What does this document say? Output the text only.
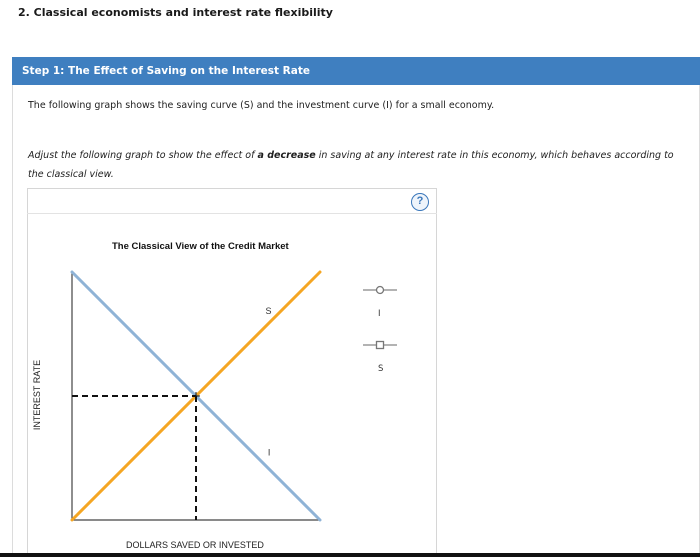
2. Classical economists and interest rate flexibility
Step 1: The Effect of Saving on the Interest Rate
The following graph shows the saving curve (S) and the investment curve (I) for a small economy.
Adjust the following graph to show the effect of a decrease in saving at any interest rate in this economy, which behaves according to the classical view.
?
The Classical View of the Credit Market
INTEREST RATE
DOLLARS SAVED OR INVESTED
S
I
I
S
